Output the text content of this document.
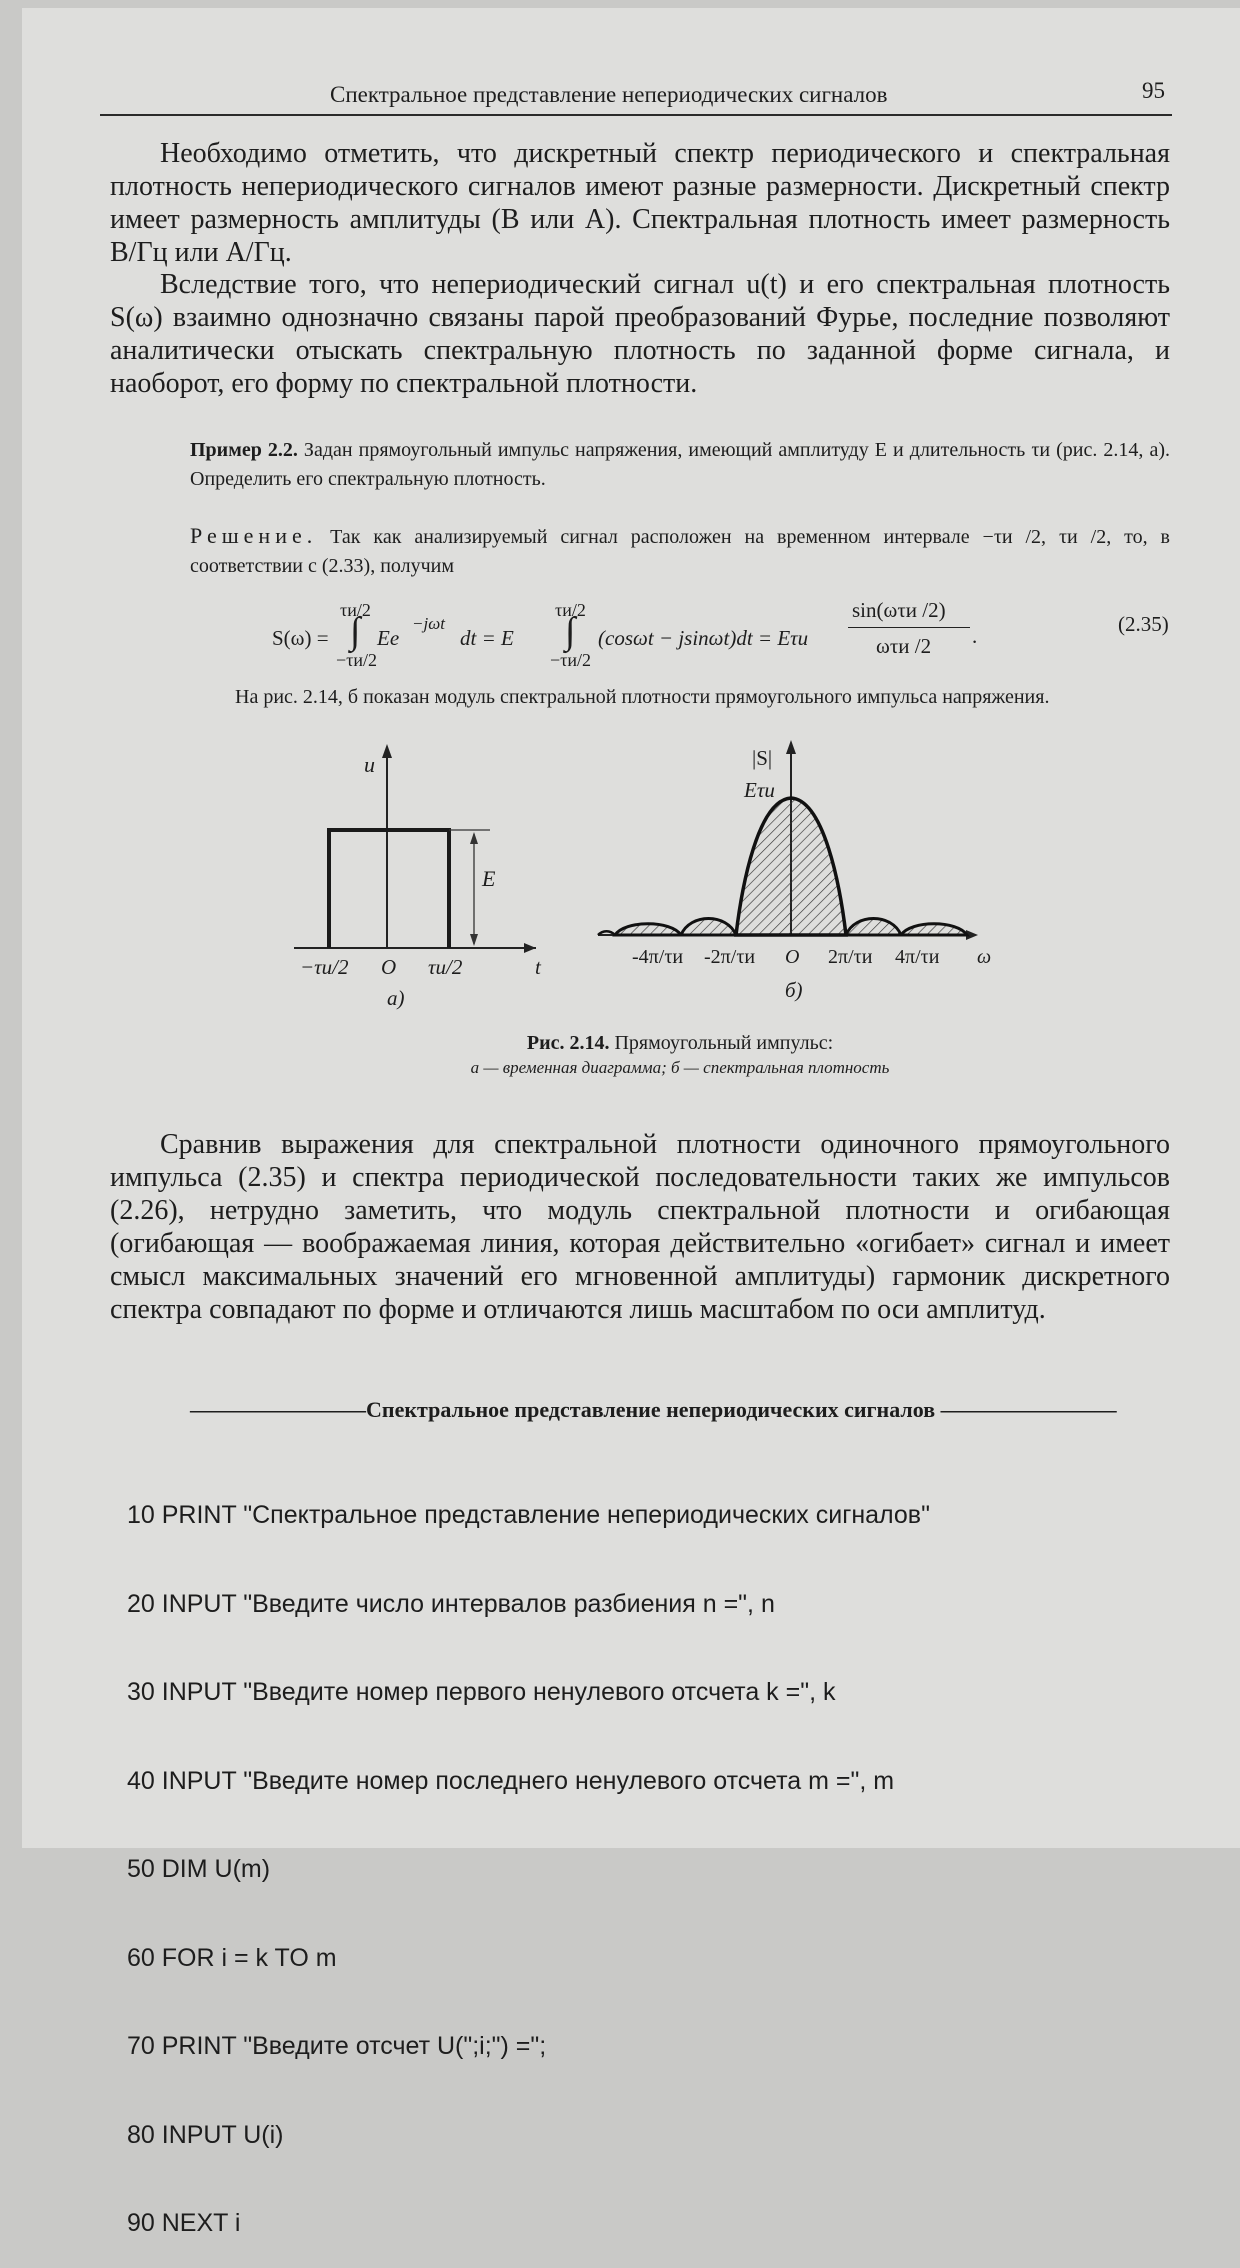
Спектральное представление непериодических сигналов	95
Необходимо отметить, что дискретный спектр периодического и спектральная плотность непериодического сигналов имеют разные размерности. Дискретный спектр имеет размерность амплитуды (В или А). Спектральная плотность имеет размерность В/Гц или А/Гц.
Вследствие того, что непериодический сигнал u(t) и его спектральная плотность S(ω) взаимно однозначно связаны парой преобразований Фурье, последние позволяют аналитически отыскать спектральную плотность по заданной форме сигнала, и наоборот, его форму по спектральной плотности.
Пример 2.2. Задан прямоугольный импульс напряжения, имеющий амплитуду E и длительность τи (рис. 2.14, а). Определить его спектральную плотность.
Решение. Так как анализируемый сигнал расположен на временном интервале −τи /2, τи /2, то, в соответствии с (2.33), получим
S(ω) =
τи/2
∫
−τи/2
Ee
−jωt
dt = E
τи/2
∫
−τи/2
(cosωt − jsinωt)dt = Eτи
sin(ωτи /2)
ωτи /2 .	(2.35)
На рис. 2.14, б показан модуль спектральной плотности прямоугольного импульса напряжения.
u
E
−τи/2 O τи/2	t
а)
|S|
Eτи
-4π/τи -2π/τи O 2π/τи 4π/τи ω
б)
Рис. 2.14. Прямоугольный импульс:
а — временная диаграмма; б — спектральная плотность
Сравнив выражения для спектральной плотности одиночного прямоугольного импульса (2.35) и спектра периодической последовательности таких же импульсов (2.26), нетрудно заметить, что модуль спектральной плотности и огибающая (огибающая — воображаемая линия, которая действительно «огибает» сигнал и имеет смысл максимальных значений его мгновенной амплитуды) гармоник дискретного спектра совпадают по форме и отличаются лишь масштабом по оси амплитуд.
————————Спектральное представление непериодических сигналов ————————

10 PRINT "Спектральное представление непериодических сигналов"

20 INPUT "Введите число интервалов разбиения n =", n

30 INPUT "Введите номер первого ненулевого отсчета k =", k

40 INPUT "Введите номер последнего ненулевого отсчета m =", m

50 DIM U(m)

60 FOR i = k TO m

70 PRINT "Введите отсчет U(";i;") =";

80 INPUT U(i)

90 NEXT i
